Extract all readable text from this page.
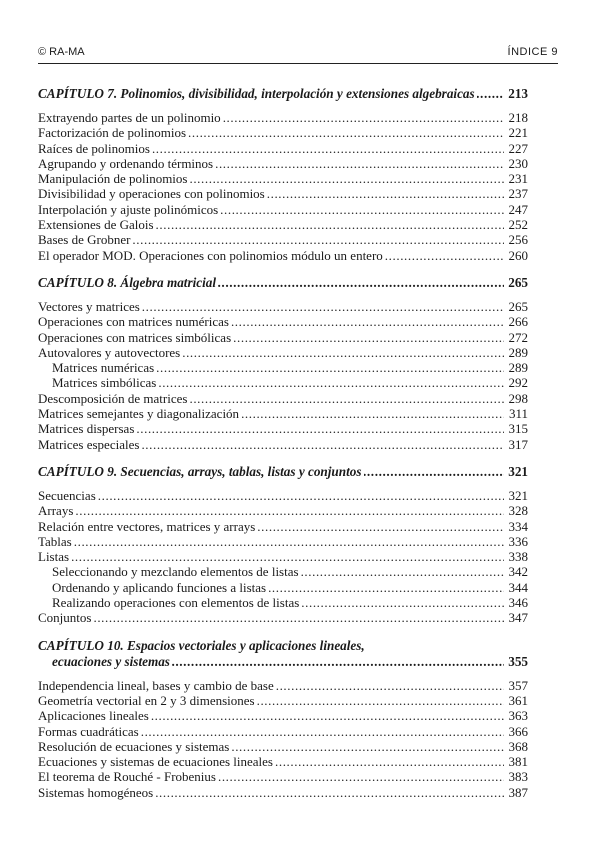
© RA-MA	ÍNDICE 9
CAPÍTULO 7. Polinomios, divisibilidad, interpolación y extensiones algebraicas .....	213
Extrayendo partes de un polinomio .....	218
Factorización de polinomios .....	221
Raíces de polinomios .....	227
Agrupando y ordenando términos .....	230
Manipulación de polinomios .....	231
Divisibilidad y operaciones con polinomios .....	237
Interpolación y ajuste polinómicos .....	247
Extensiones de Galois .....	252
Bases de Grobner .....	256
El operador MOD. Operaciones con polinomios módulo un entero .....	260
CAPÍTULO 8. Álgebra matricial .....	265
Vectores y matrices .....	265
Operaciones con matrices numéricas .....	266
Operaciones con matrices simbólicas .....	272
Autovalores y autovectores .....	289
Matrices numéricas .....	289
Matrices simbólicas .....	292
Descomposición de matrices .....	298
Matrices semejantes y diagonalización .....	311
Matrices dispersas .....	315
Matrices especiales .....	317
CAPÍTULO 9. Secuencias, arrays, tablas, listas y conjuntos .....	321
Secuencias .....	321
Arrays .....	328
Relación entre vectores, matrices y arrays .....	334
Tablas .....	336
Listas .....	338
Seleccionando y mezclando elementos de listas .....	342
Ordenando y aplicando funciones a listas .....	344
Realizando operaciones con elementos de listas .....	346
Conjuntos .....	347
CAPÍTULO 10. Espacios vectoriales y aplicaciones lineales,
ecuaciones y sistemas .....	355
Independencia lineal, bases y cambio de base .....	357
Geometría vectorial en 2 y 3 dimensiones .....	361
Aplicaciones lineales .....	363
Formas cuadráticas .....	366
Resolución de ecuaciones y sistemas .....	368
Ecuaciones y sistemas de ecuaciones lineales .....	381
El teorema de Rouché - Frobenius .....	383
Sistemas homogéneos .....	387
